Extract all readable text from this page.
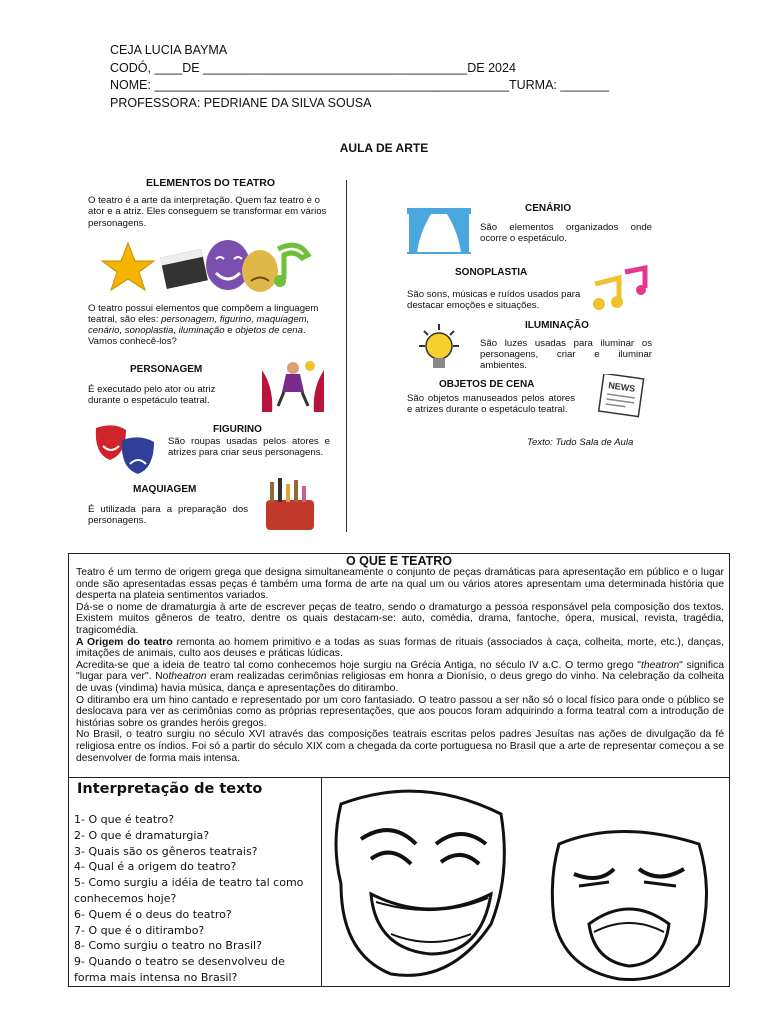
CEJA LUCIA BAYMA
CODÓ, ____DE ______________________________________DE 2024
NOME: ___________________________________________________TURMA: _______
PROFESSORA: PEDRIANE DA SILVA SOUSA
AULA DE ARTE
ELEMENTOS DO TEATRO

O teatro é a arte da interpretação. Quem faz teatro é o ator e a atriz. Eles conseguem se transformar em vários personagens.

O teatro possui elementos que compõem a linguagem teatral, são eles: personagem, figurino, maquiagem, cenário, sonoplastia, iluminação e objetos de cena. Vamos conhecê-los?

PERSONAGEM
É executado pelo ator ou atriz durante o espetáculo teatral.
FIGURINO
São roupas usadas pelos atores e atrizes para criar seus personagens.
MAQUIAGEM
É utilizada para a preparação dos personagens.
CENÁRIO
São elementos organizados onde ocorre o espetáculo.
SONOPLASTIA
São sons, músicas e ruídos usados para destacar emoções e situações.
ILUMINAÇÃO
São luzes usadas para iluminar os personagens, criar e iluminar ambientes.
OBJETOS DE CENA
São objetos manuseados pelos atores e atrizes durante o espetáculo teatral.
NEWS
Texto: Tudo Sala de Aula
O QUE E TEATRO

Teatro é um termo de origem grega que designa simultaneamente o conjunto de peças dramáticas para apresentação em público e o lugar onde são apresentadas essas peças é também uma forma de arte na qual um ou vários atores apresentam uma determinada história que desperta na plateia sentimentos variados.

Dá-se o nome de dramaturgia à arte de escrever peças de teatro, sendo o dramaturgo a pessoa responsável pela composição dos textos. Existem muitos gêneros de teatro, dentre os quais destacam-se: auto, comédia, drama, fantoche, ópera, musical, revista, tragédia, tragicomédia.

A Origem do teatro remonta ao homem primitivo e a todas as suas formas de rituais (associados à caça, colheita, morte, etc.), danças, imitações de animais, culto aos deuses e práticas lúdicas.

Acredita-se que a ideia de teatro tal como conhecemos hoje surgiu na Grécia Antiga, no século IV a.C. O termo grego "theatron" significa "lugar para ver". Notheatron eram realizadas cerimônias religiosas em honra a Dionísio, o deus grego do vinho. Na celebração da colheita de uvas (vindima) havia música, dança e apresentações do ditirambo.

O ditirambo era um hino cantado e representado por um coro fantasiado. O teatro passou a ser não só o local físico para onde o público se deslocava para ver as cerimônias como as próprias representações, que aos poucos foram adquirindo a forma teatral com a introdução de histórias sobre os grandes heróis gregos.

No Brasil, o teatro surgiu no século XVI através das composições teatrais escritas pelos padres Jesuítas nas ações de divulgação da fé religiosa entre os índios. Foi só a partir do século XIX com a chegada da corte portuguesa no Brasil que a arte de representar começou a se desenvolver de forma mais intensa.

Interpretação de texto
1- O que é teatro?
2- O que é dramaturgia?
3- Quais são os gêneros teatrais?
4- Qual é a origem do teatro?
5- Como surgiu a idéia de teatro tal como
conhecemos hoje?
6- Quem é o deus do teatro?
7- O que é o ditirambo?
8- Como surgiu o teatro no Brasil?
9- Quando o teatro se desenvolveu de
forma mais intensa no Brasil?
